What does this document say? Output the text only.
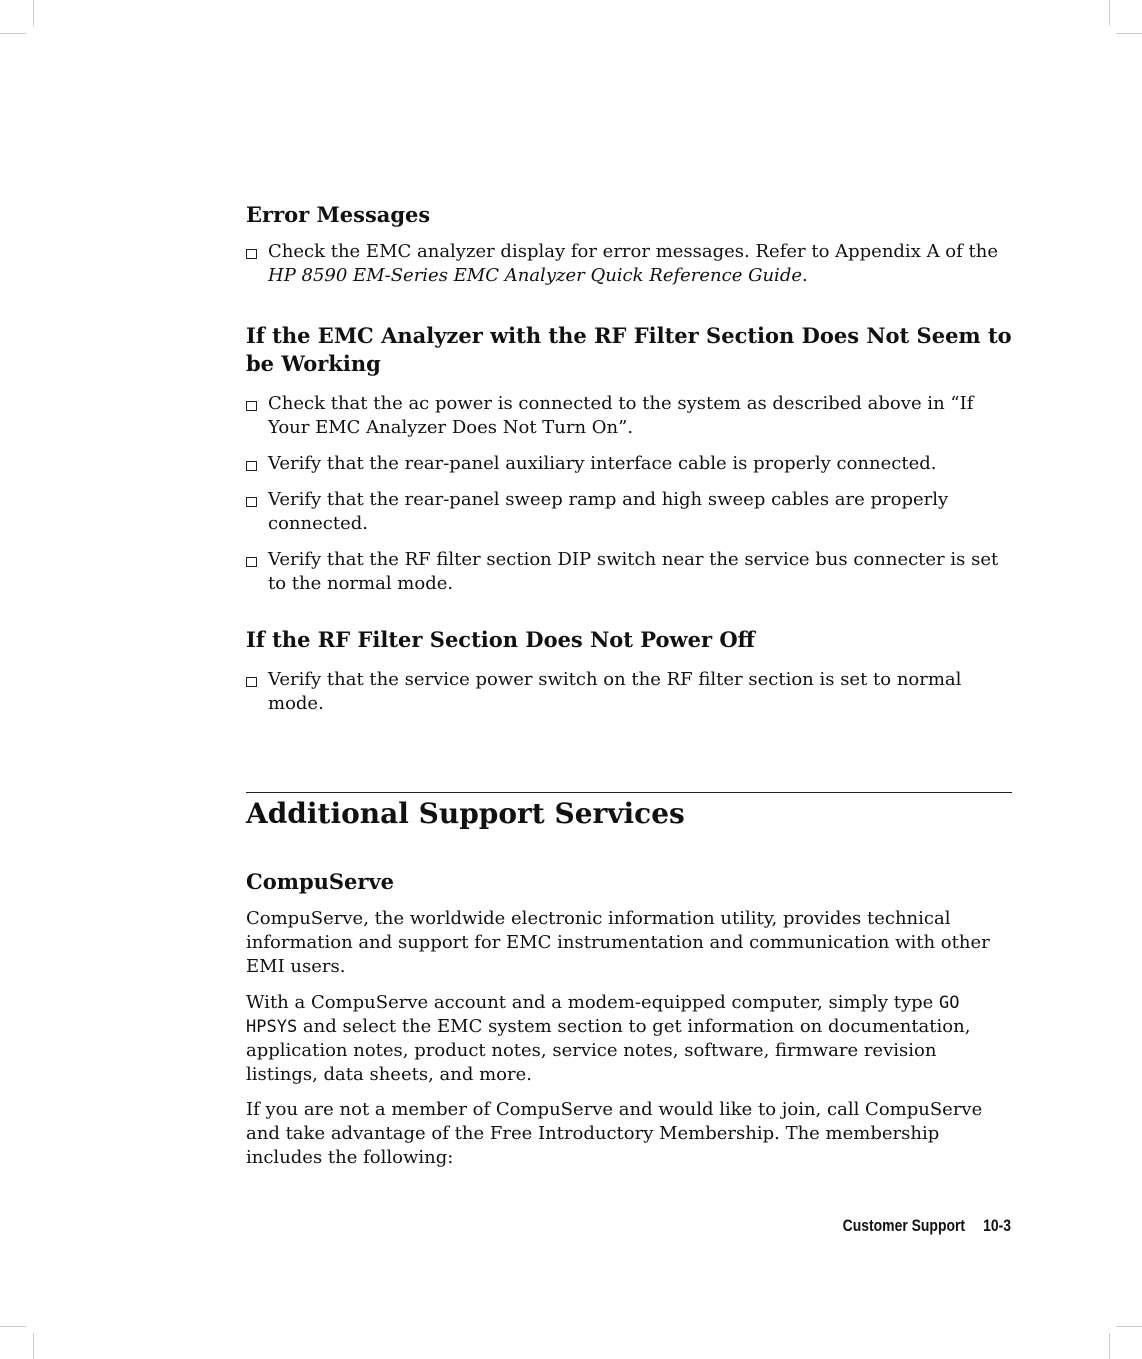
Error Messages
Check the EMC analyzer display for error messages. Refer to Appendix A of the HP 8590 EM-Series EMC Analyzer Quick Reference Guide.
If the EMC Analyzer with the RF Filter Section Does Not Seem to be Working
Check that the ac power is connected to the system as described above in “If Your EMC Analyzer Does Not Turn On”.
Verify that the rear-panel auxiliary interface cable is properly connected.
Verify that the rear-panel sweep ramp and high sweep cables are properly connected.
Verify that the RF filter section DIP switch near the service bus connecter is set to the normal mode.
If the RF Filter Section Does Not Power Off
Verify that the service power switch on the RF filter section is set to normal mode.
Additional Support Services
CompuServe

CompuServe, the worldwide electronic information utility, provides technical information and support for EMC instrumentation and communication with other EMI users.

With a CompuServe account and a modem-equipped computer, simply type GO HPSYS and select the EMC system section to get information on documentation, application notes, product notes, service notes, software, firmware revision listings, data sheets, and more.

If you are not a member of CompuServe and would like to join, call CompuServe and take advantage of the Free Introductory Membership. The membership includes the following:

Customer Support 10-3
